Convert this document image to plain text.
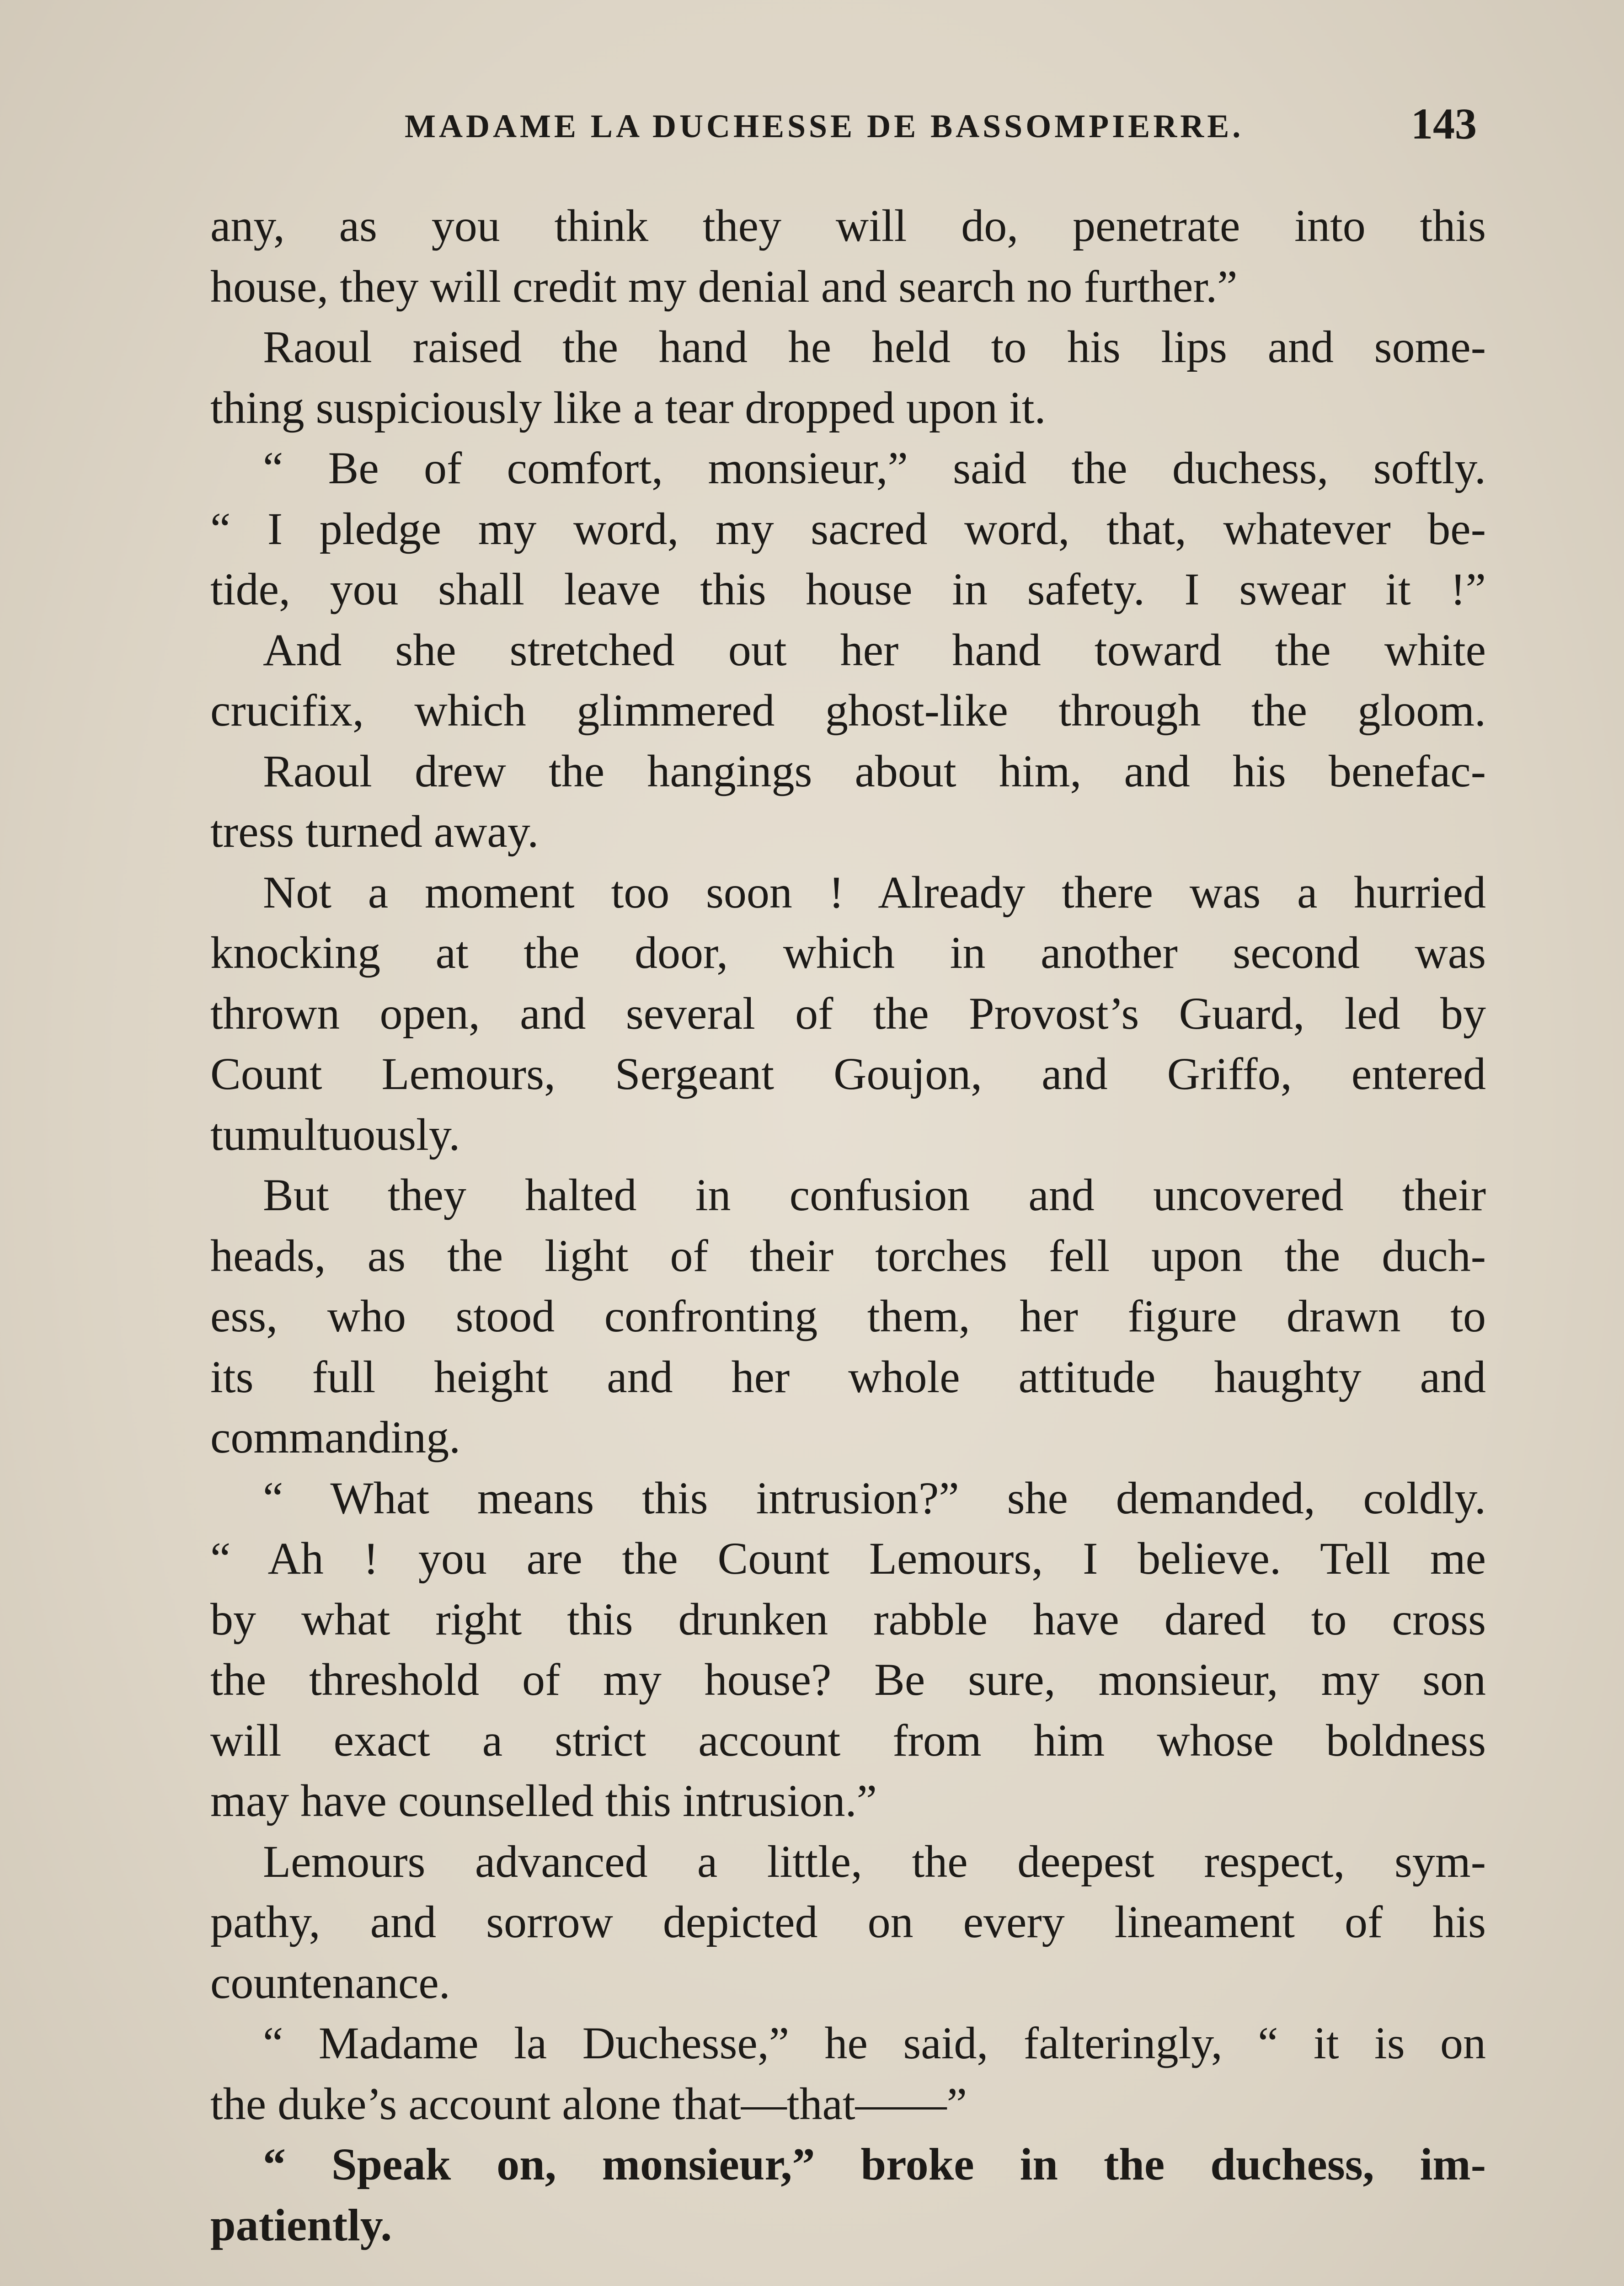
MADAME LA DUCHESSE DE BASSOMPIERRE.	143
any, as you think they will do, penetrate into this
house, they will credit my denial and search no further.”
Raoul raised the hand he held to his lips and some-
thing suspiciously like a tear dropped upon it.
“ Be of comfort, monsieur,” said the duchess, softly.
“ I pledge my word, my sacred word, that, whatever be-
tide, you shall leave this house in safety. I swear it !”
And she stretched out her hand toward the white
crucifix, which glimmered ghost-like through the gloom.
Raoul drew the hangings about him, and his benefac-
tress turned away.
Not a moment too soon ! Already there was a hurried
knocking at the door, which in another second was
thrown open, and several of the Provost’s Guard, led by
Count Lemours, Sergeant Goujon, and Griffo, entered
tumultuously.
But they halted in confusion and uncovered their
heads, as the light of their torches fell upon the duch-
ess, who stood confronting them, her figure drawn to
its full height and her whole attitude haughty and
commanding.
“ What means this intrusion?” she demanded, coldly.
“ Ah ! you are the Count Lemours, I believe. Tell me
by what right this drunken rabble have dared to cross
the threshold of my house? Be sure, monsieur, my son
will exact a strict account from him whose boldness
may have counselled this intrusion.”
Lemours advanced a little, the deepest respect, sym-
pathy, and sorrow depicted on every lineament of his
countenance.
“ Madame la Duchesse,” he said, falteringly, “ it is on
the duke’s account alone that—that——”
“ Speak on, monsieur,” broke in the duchess, im-
patiently.
